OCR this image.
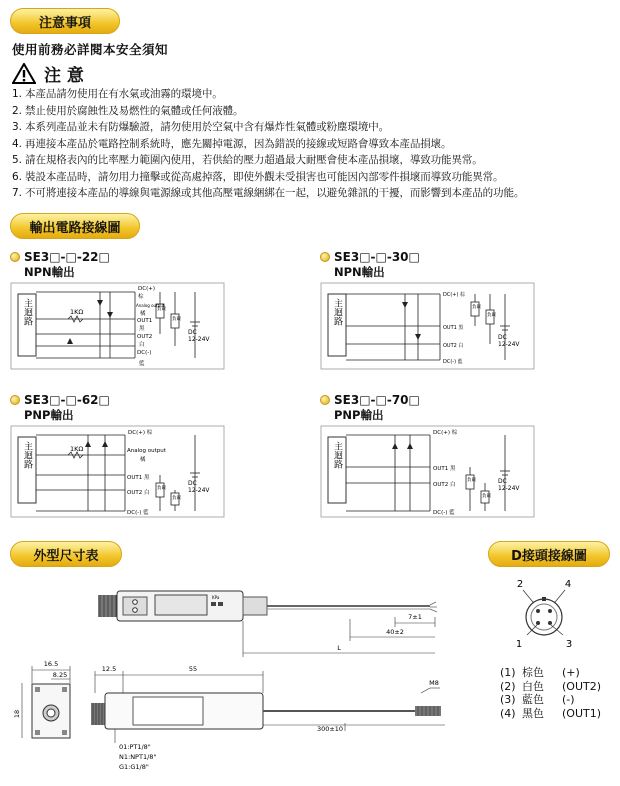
注意事項
使用前務必詳閱本安全須知
注 意
1. 本產品請勿使用在有水氣或油霧的環境中。
2. 禁止使用於腐蝕性及易燃性的氣體或任何液體。
3. 本系列產品並未有防爆驗證，請勿使用於空氣中含有爆炸性氣體或粉塵環境中。
4. 再連接本產品於電路控制系統時，應先關掉電源，因為錯誤的接線或短路會導致本產品損壞。
5. 請在規格表內的比率壓力範圍內使用，若供給的壓力超過最大耐壓會使本產品損壞，導致功能異常。
6. 裝設本產品時，請勿用力撞擊或從高處掉落，即使外觀未受損害也可能因內部零件損壞而導致功能異常。
7. 不可將連接本產品的導線與電源線或其他高壓電線綑綁在一起，以避免雜訊的干擾，而影響到本產品的功能。
輸出電路接線圖
SE3□-□-22□
NPN輸出
SE3□-□-30□
NPN輸出
SE3□-□-62□
PNP輸出
SE3□-□-70□
PNP輸出
主迴路	1KΩ
DC(+)
棕
Analog output
橘
OUT1
黑
OUT2
白
DC(-)
藍
負載
負載
DC
12-24V
主迴路
DC(+) 棕
OUT1 黑
OUT2 白
DC(-) 藍
負載
負載
DC
12-24V
主迴路	1KΩ
DC(+) 棕
Analog output
橘
OUT1 黑
OUT2 白
DC(-) 藍
負載
負載
DC
12-24V
主迴路
DC(+) 棕
OUT1 黑
OUT2 白
DC(-) 藍
負載
負載
DC
12-24V
外型尺寸表	D接頭接線圖
KPa
7±1
40±2
L
16.5
8.25
18
12.5	55
M8
300±10
01:PT1/8"
N1:NPT1/8"
G1:G1/8"
2	4
1	3
(1) 棕色	(+)
(2) 白色	(OUT2)
(3) 藍色	(-)
(4) 黑色	(OUT1)
